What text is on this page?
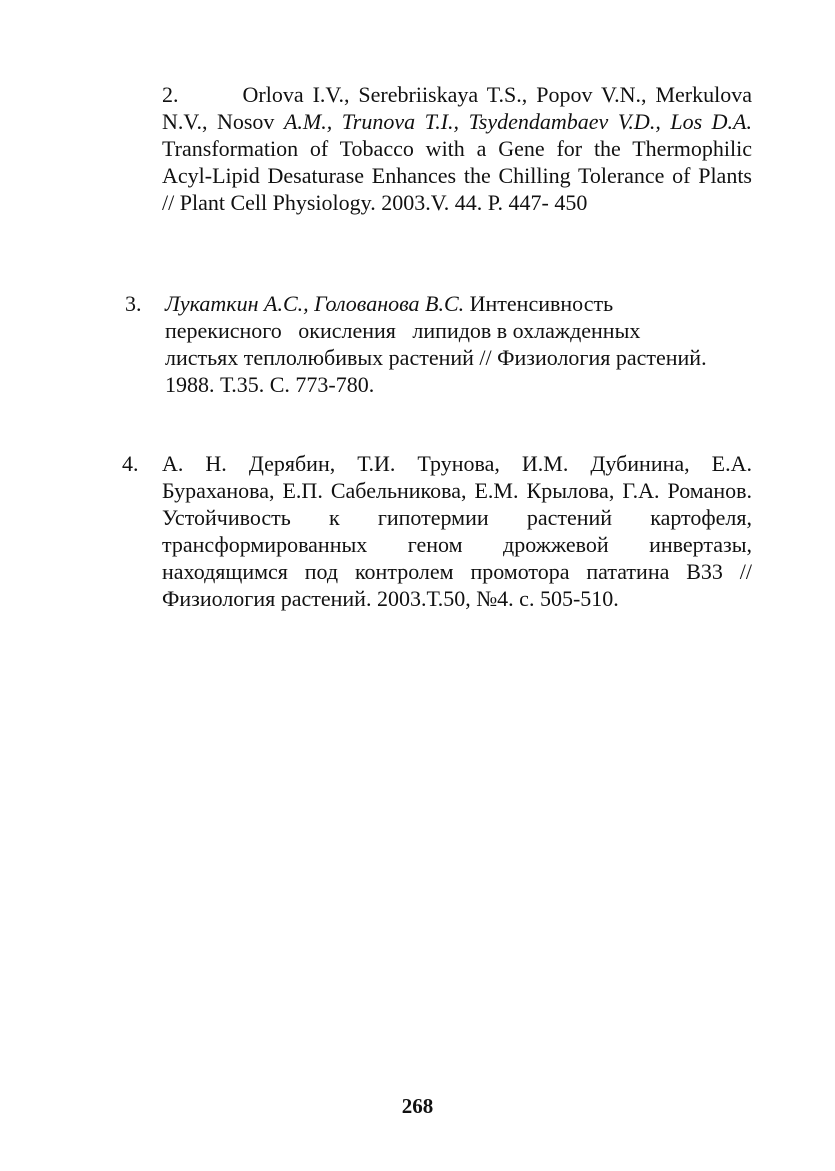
2.	Orlova I.V., Serebriiskaya T.S., Popov V.N., Merkulova N.V., Nosov A.M., Trunova T.I., Tsydendambaev V.D., Los D.A. Transformation of Tobacco with a Gene for the Thermophilic Acyl-Lipid Desaturase Enhances the Chilling Tolerance of Plants // Plant Cell Physiology. 2003.V. 44. P. 447- 450
3. Лукаткин А.С., Голованова В.С. Интенсивность
перекисного   окисления   липидов в охлажденных
листьях теплолюбивых растений // Физиология растений.
1988. Т.35. С. 773-780.
4. А. Н. Дерябин, Т.И. Трунова, И.М. Дубинина, Е.А. Бураханова, Е.П. Сабельникова, Е.М. Крылова, Г.А. Романов. Устойчивость к гипотермии растений картофеля, трансформированных геном дрожжевой инвертазы, находящимся под контролем промотора пататина В33 // Физиология растений. 2003.Т.50, №4. с. 505-510.
268
